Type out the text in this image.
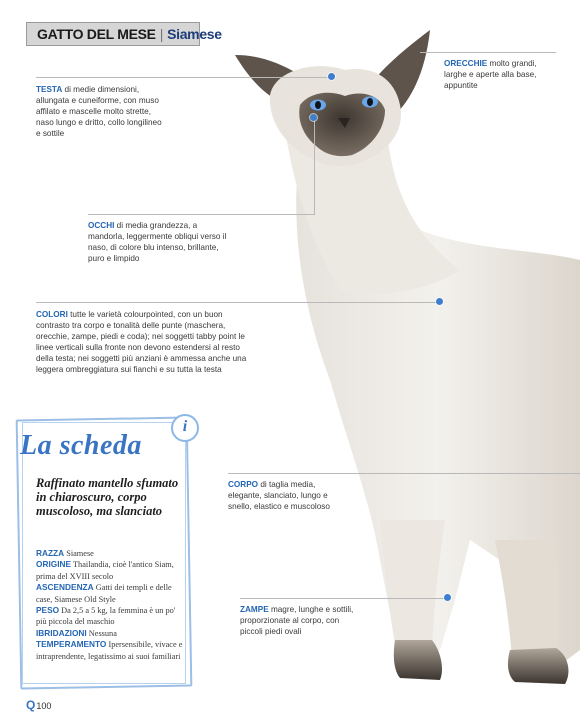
GATTO DEL MESE | Siamese
TESTA di medie dimensioni, allungata e cuneiforme, con muso affilato e mascelle molto strette, naso lungo e dritto, collo longilineo e sottile
ORECCHIE molto grandi, larghe e aperte alla base, appuntite
OCCHI di media grandezza, a mandorla, leggermente obliqui verso il naso, di colore blu intenso, brillante, puro e limpido
COLORI tutte le varietà colourpointed, con un buon contrasto tra corpo e tonalità delle punte (maschera, orecchie, zampe, piedi e coda); nei soggetti tabby point le linee verticali sulla fronte non devono estendersi al resto della testa; nei soggetti più anziani è ammessa anche una leggera ombreggiatura sui fianchi e su tutta la testa
CORPO di taglia media, elegante, slanciato, lungo e snello, elastico e muscoloso
ZAMPE magre, lunghe e sottili, proporzionate al corpo, con piccoli piedi ovali
La scheda
i
Raffinato mantello sfumato in chiaroscuro, corpo muscoloso, ma slanciato
RAZZA Siamese
ORIGINE Thailandia, cioè l'antico Siam, prima del XVIII secolo
ASCENDENZA Gatti dei templi e delle case, Siamese Old Style
PESO Da 2,5 a 5 kg, la femmina è un po' più piccola del maschio
IBRIDAZIONI Nessuna
TEMPERAMENTO Ipersensibile, vivace e intraprendente, legatissimo ai suoi familiari
Q100
